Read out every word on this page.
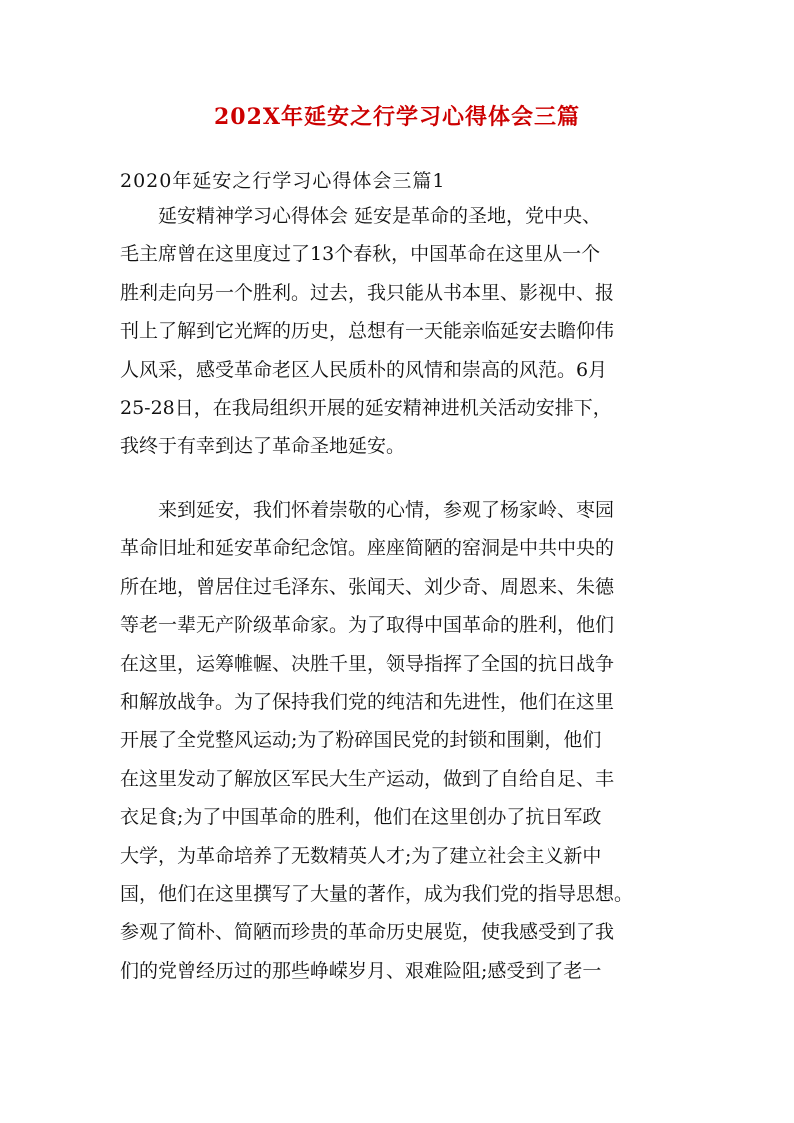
202X年延安之行学习心得体会三篇
2020年延安之行学习心得体会三篇1
　　延安精神学习心得体会 延安是革命的圣地，党中央、
毛主席曾在这里度过了13个春秋，中国革命在这里从一个
胜利走向另一个胜利。过去，我只能从书本里、影视中、报
刊上了解到它光辉的历史，总想有一天能亲临延安去瞻仰伟
人风采，感受革命老区人民质朴的风情和崇高的风范。6月
25-28日，在我局组织开展的延安精神进机关活动安排下，
我终于有幸到达了革命圣地延安。
　　来到延安，我们怀着崇敬的心情，参观了杨家岭、枣园
革命旧址和延安革命纪念馆。座座简陋的窑洞是中共中央的
所在地，曾居住过毛泽东、张闻天、刘少奇、周恩来、朱德
等老一辈无产阶级革命家。为了取得中国革命的胜利，他们
在这里，运筹帷幄、决胜千里，领导指挥了全国的抗日战争
和解放战争。为了保持我们党的纯洁和先进性，他们在这里
开展了全党整风运动;为了粉碎国民党的封锁和围剿，他们
在这里发动了解放区军民大生产运动，做到了自给自足、丰
衣足食;为了中国革命的胜利，他们在这里创办了抗日军政
大学，为革命培养了无数精英人才;为了建立社会主义新中
国，他们在这里撰写了大量的著作，成为我们党的指导思想。
参观了简朴、简陋而珍贵的革命历史展览，使我感受到了我
们的党曾经历过的那些峥嵘岁月、艰难险阻;感受到了老一
